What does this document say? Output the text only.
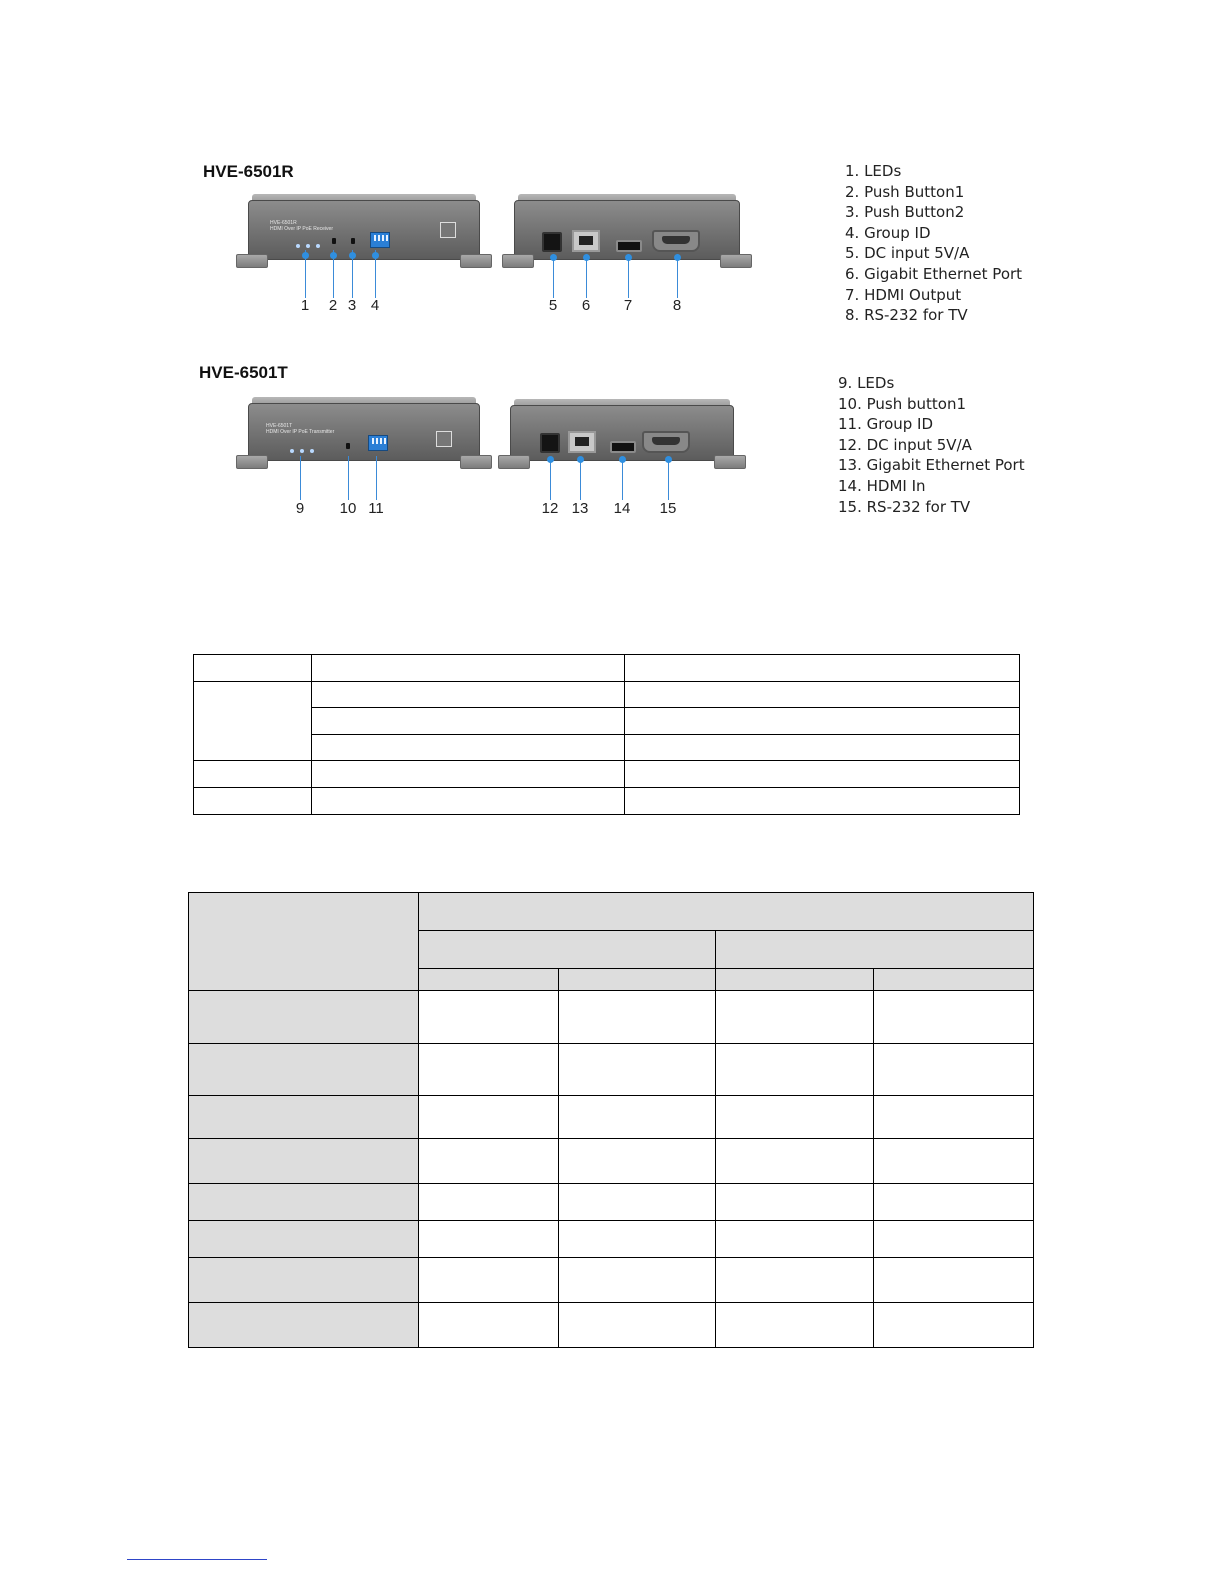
HVE-6501R
HVE-6501R
HDMI Over IP PoE Receiver
1	2 3 4	5	6	7	8
1. LEDs
2. Push Button1
3. Push Button2
4. Group ID
5. DC input 5V/A
6. Gigabit Ethernet Port
7. HDMI Output
8. RS-232 for TV
HVE-6501T
HVE-6501T
HDMI Over IP PoE Transmitter
9	10 11	12 13 14 15
9. LEDs
10. Push button1
11. Group ID
12. DC input 5V/A
13. Gigabit Ethernet Port
14. HDMI In
15. RS-232 for TV
